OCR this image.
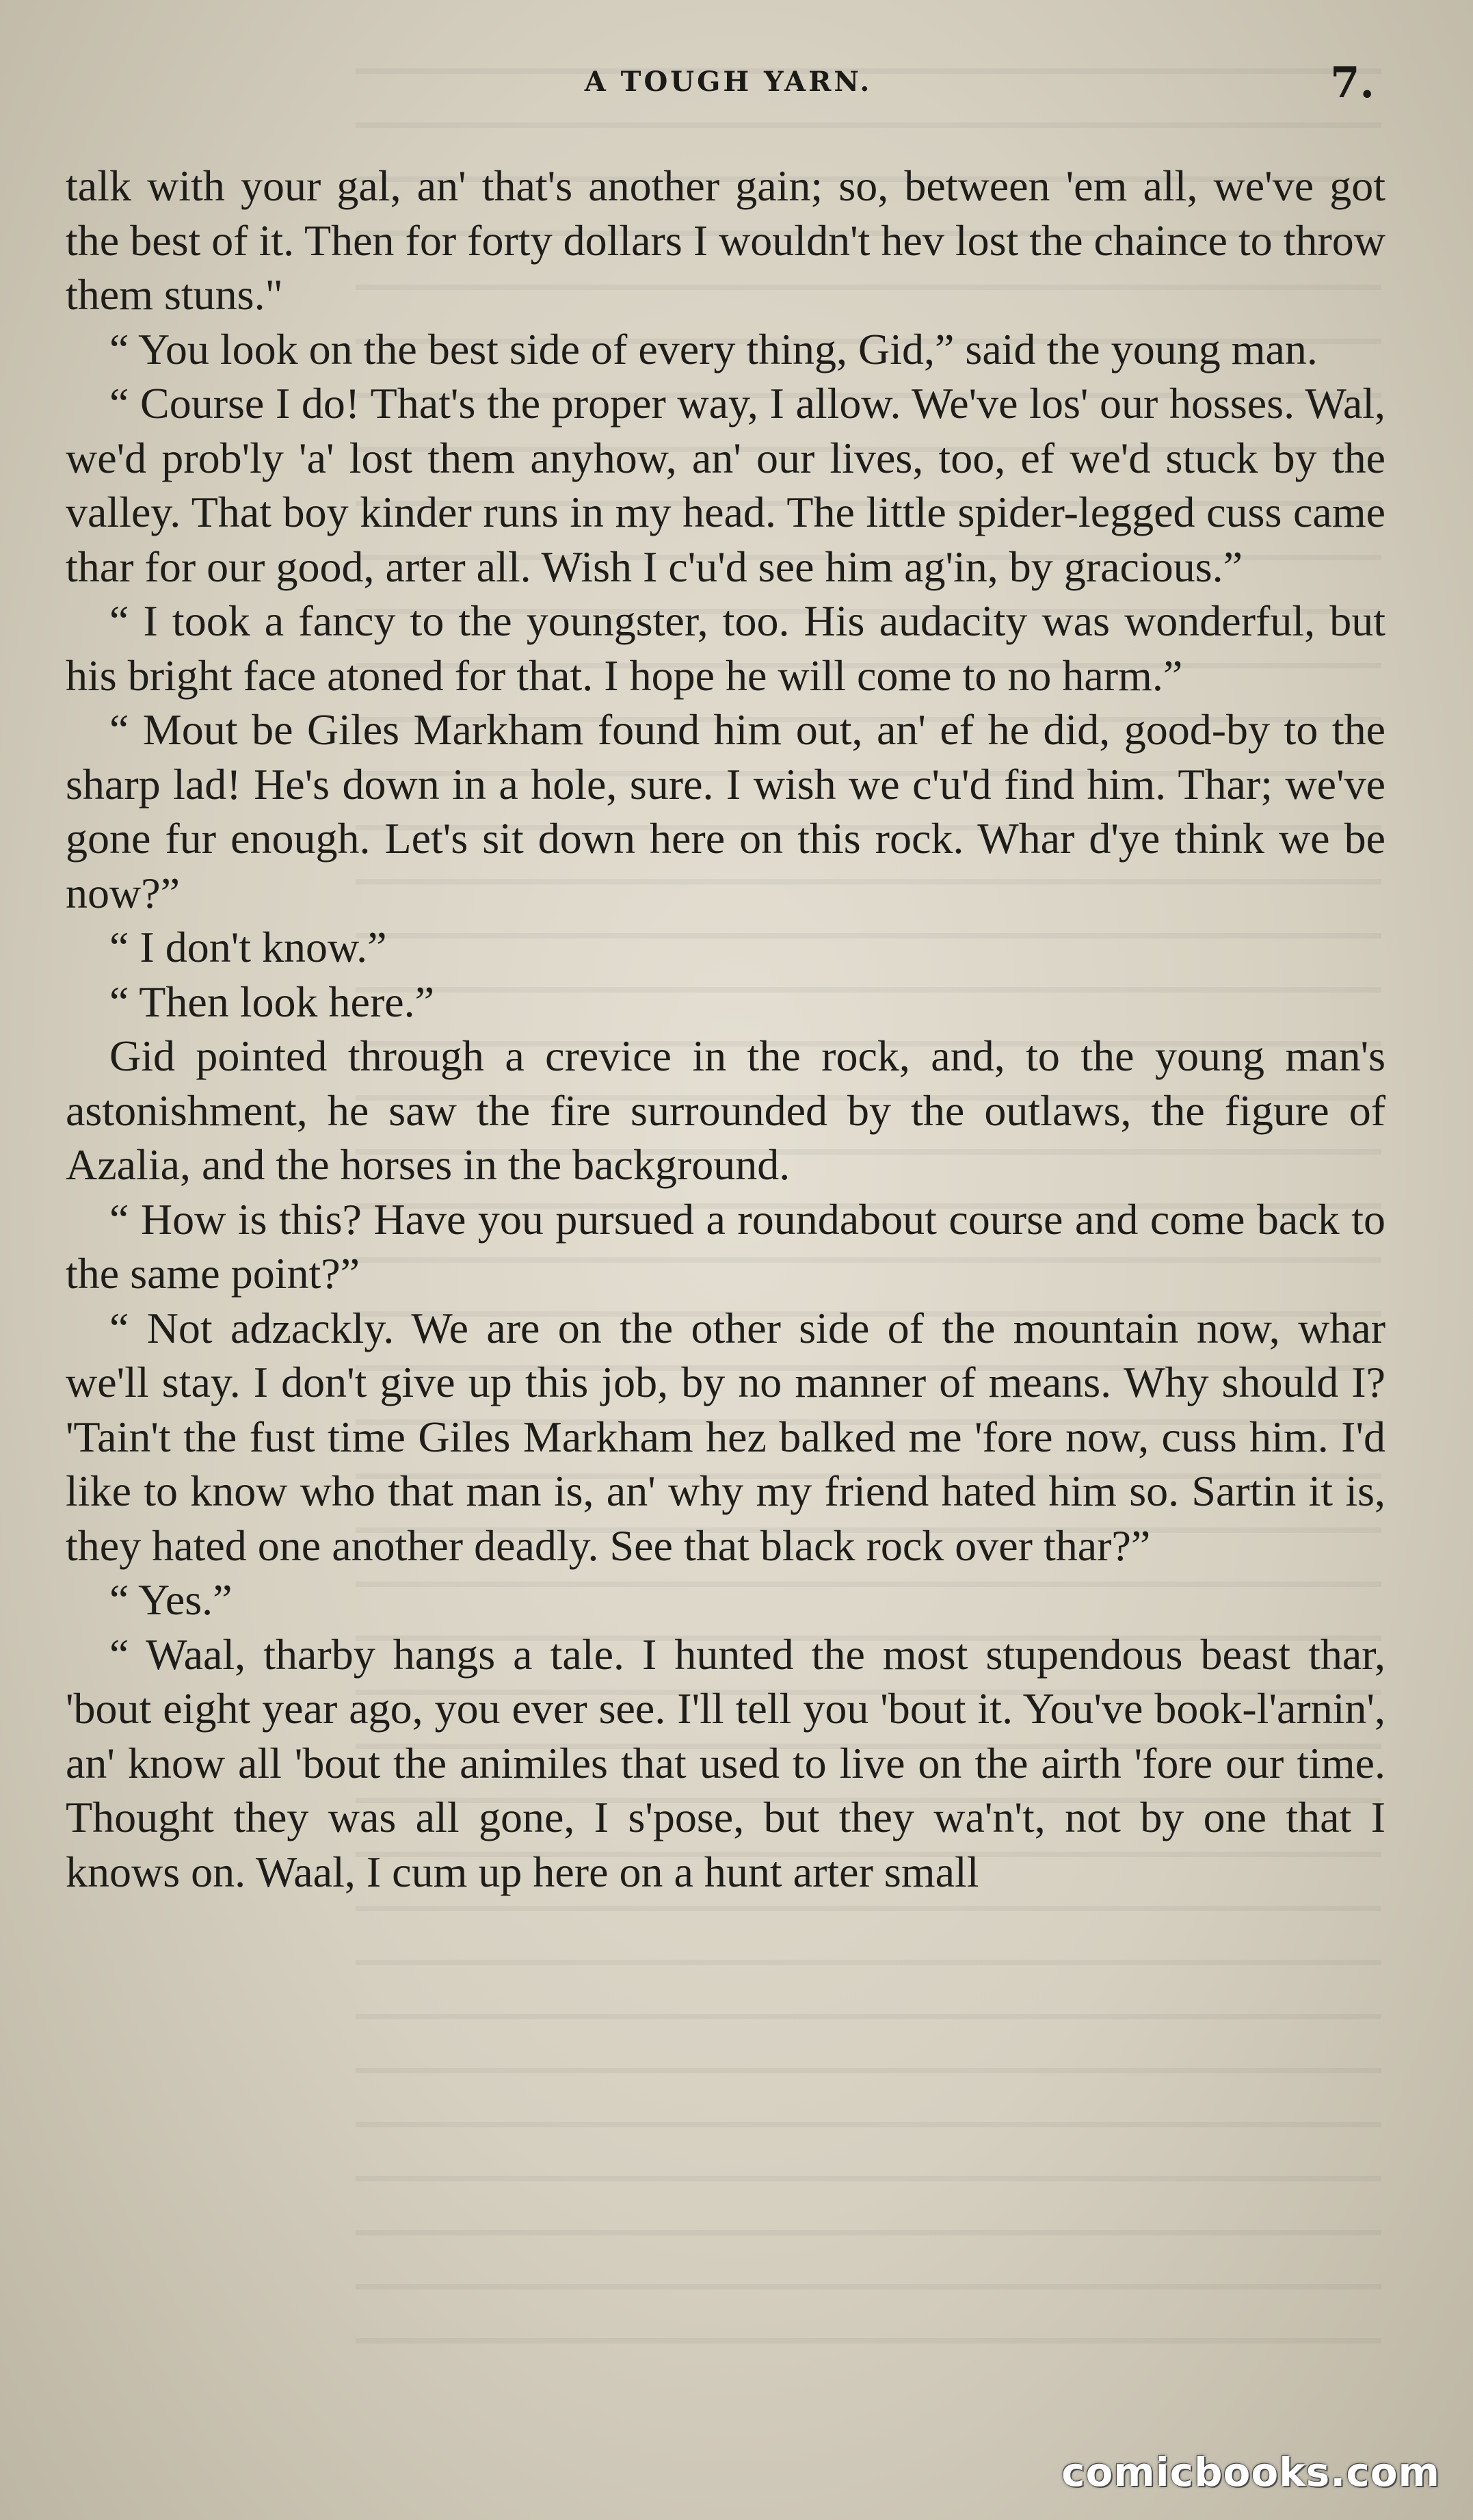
A TOUGH YARN.	7.

talk with your gal, an' that's another gain; so, between 'em all, we've got the best of it. Then for forty dollars I wouldn't hev lost the chaince to throw them stuns."

“ You look on the best side of every thing, Gid,” said the young man.

“ Course I do! That's the proper way, I allow. We've los' our hosses. Wal, we'd prob'ly 'a' lost them anyhow, an' our lives, too, ef we'd stuck by the valley. That boy kinder runs in my head. The little spider-legged cuss came thar for our good, arter all. Wish I c'u'd see him ag'in, by gracious.”

“ I took a fancy to the youngster, too. His audacity was wonderful, but his bright face atoned for that. I hope he will come to no harm.”

“ Mout be Giles Markham found him out, an' ef he did, good-by to the sharp lad! He's down in a hole, sure. I wish we c'u'd find him. Thar; we've gone fur enough. Let's sit down here on this rock. Whar d'ye think we be now?”

“ I don't know.”

“ Then look here.”

Gid pointed through a crevice in the rock, and, to the young man's astonishment, he saw the fire surrounded by the outlaws, the figure of Azalia, and the horses in the background.

“ How is this? Have you pursued a roundabout course and come back to the same point?”

“ Not adzackly. We are on the other side of the mountain now, whar we'll stay. I don't give up this job, by no manner of means. Why should I? 'Tain't the fust time Giles Markham hez balked me 'fore now, cuss him. I'd like to know who that man is, an' why my friend hated him so. Sartin it is, they hated one another deadly. See that black rock over thar?”

“ Yes.”

“ Waal, tharby hangs a tale. I hunted the most stupendous beast thar, 'bout eight year ago, you ever see. I'll tell you 'bout it. You've book-l'arnin', an' know all 'bout the animiles that used to live on the airth 'fore our time. Thought they was all gone, I s'pose, but they wa'n't, not by one that I knows on. Waal, I cum up here on a hunt arter small

comicbooks.com
